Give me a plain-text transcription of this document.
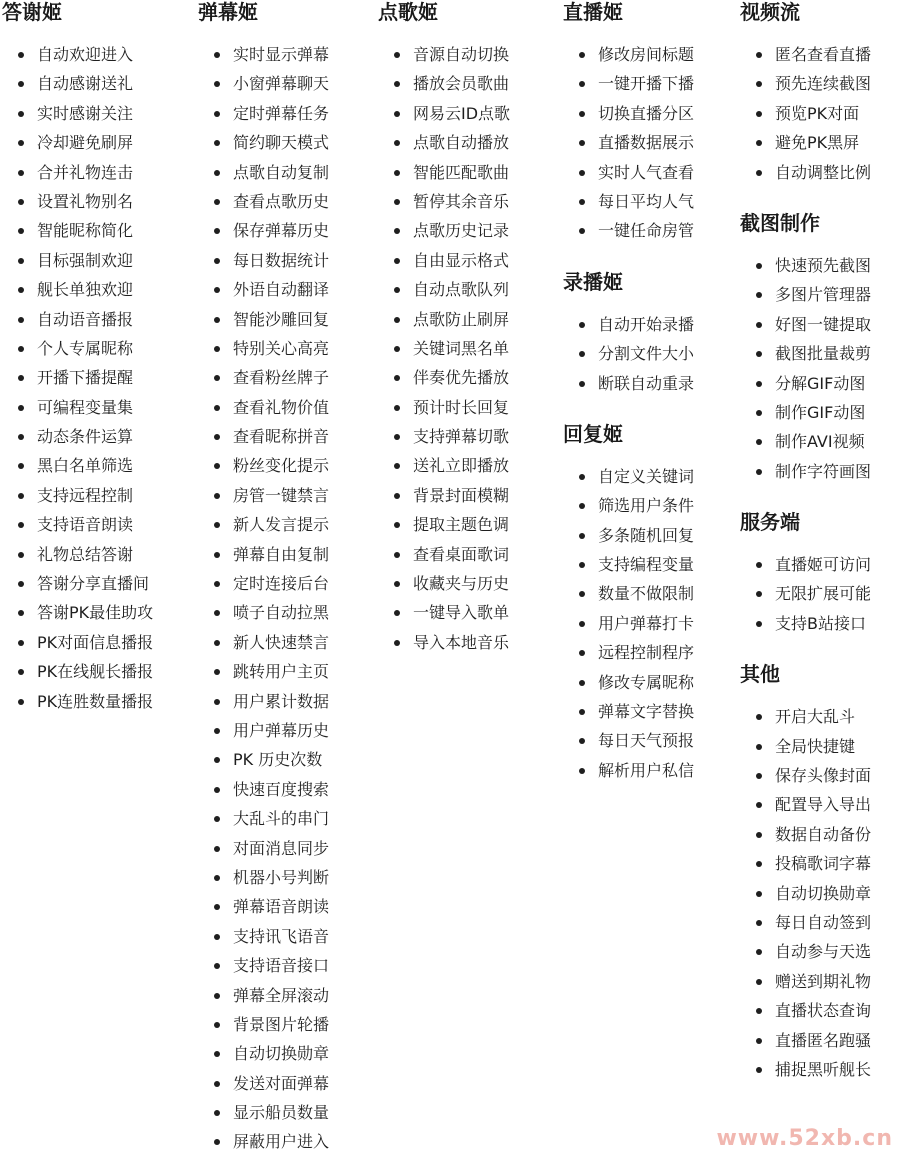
答谢姬
自动欢迎进入
自动感谢送礼
实时感谢关注
冷却避免刷屏
合并礼物连击
设置礼物别名
智能昵称简化
目标强制欢迎
舰长单独欢迎
自动语音播报
个人专属昵称
开播下播提醒
可编程变量集
动态条件运算
黑白名单筛选
支持远程控制
支持语音朗读
礼物总结答谢
答谢分享直播间
答谢PK最佳助攻
PK对面信息播报
PK在线舰长播报
PK连胜数量播报
弹幕姬
实时显示弹幕
小窗弹幕聊天
定时弹幕任务
简约聊天模式
点歌自动复制
查看点歌历史
保存弹幕历史
每日数据统计
外语自动翻译
智能沙雕回复
特别关心高亮
查看粉丝牌子
查看礼物价值
查看昵称拼音
粉丝变化提示
房管一键禁言
新人发言提示
弹幕自由复制
定时连接后台
喷子自动拉黑
新人快速禁言
跳转用户主页
用户累计数据
用户弹幕历史
PK 历史次数
快速百度搜索
大乱斗的串门
对面消息同步
机器小号判断
弹幕语音朗读
支持讯飞语音
支持语音接口
弹幕全屏滚动
背景图片轮播
自动切换勋章
发送对面弹幕
显示船员数量
屏蔽用户进入
点歌姬
音源自动切换
播放会员歌曲
网易云ID点歌
点歌自动播放
智能匹配歌曲
暂停其余音乐
点歌历史记录
自由显示格式
自动点歌队列
点歌防止刷屏
关键词黑名单
伴奏优先播放
预计时长回复
支持弹幕切歌
送礼立即播放
背景封面模糊
提取主题色调
查看桌面歌词
收藏夹与历史
一键导入歌单
导入本地音乐
直播姬
修改房间标题
一键开播下播
切换直播分区
直播数据展示
实时人气查看
每日平均人气
一键任命房管
录播姬
自动开始录播
分割文件大小
断联自动重录
回复姬
自定义关键词
筛选用户条件
多条随机回复
支持编程变量
数量不做限制
用户弹幕打卡
远程控制程序
修改专属昵称
弹幕文字替换
每日天气预报
解析用户私信
视频流
匿名查看直播
预先连续截图
预览PK对面
避免PK黑屏
自动调整比例
截图制作
快速预先截图
多图片管理器
好图一键提取
截图批量裁剪
分解GIF动图
制作GIF动图
制作AVI视频
制作字符画图
服务端
直播姬可访问
无限扩展可能
支持B站接口
其他
开启大乱斗
全局快捷键
保存头像封面
配置导入导出
数据自动备份
投稿歌词字幕
自动切换勋章
每日自动签到
自动参与天选
赠送到期礼物
直播状态查询
直播匿名跑骚
捕捉黑听舰长
www.52xb.cn
